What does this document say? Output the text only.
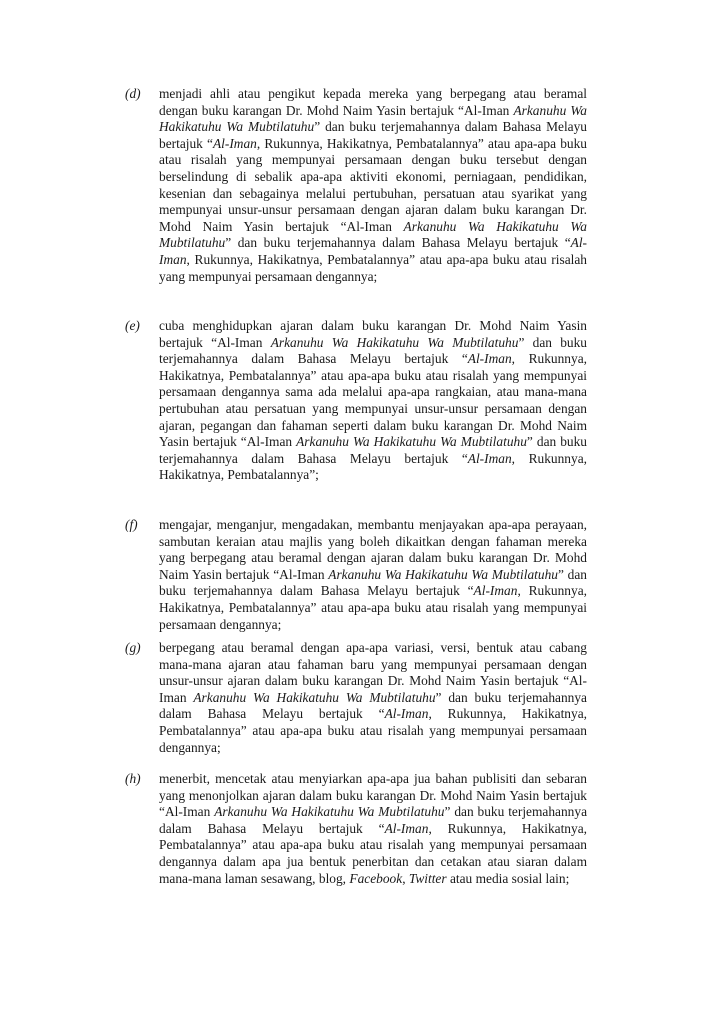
(d)	menjadi ahli atau pengikut kepada mereka yang berpegang atau beramal dengan buku karangan Dr. Mohd Naim Yasin bertajuk “Al-Iman Arkanuhu Wa Hakikatuhu Wa Mubtilatuhu” dan buku terjemahannya dalam Bahasa Melayu bertajuk “Al-Iman, Rukunnya, Hakikatnya, Pembatalannya” atau apa-apa buku atau risalah yang mempunyai persamaan dengan buku tersebut dengan berselindung di sebalik apa-apa aktiviti ekonomi, perniagaan, pendidikan, kesenian dan sebagainya melalui pertubuhan, persatuan atau syarikat yang mempunyai unsur-unsur persamaan dengan ajaran dalam buku karangan Dr. Mohd Naim Yasin bertajuk “Al-Iman Arkanuhu Wa Hakikatuhu Wa Mubtilatuhu” dan buku terjemahannya dalam Bahasa Melayu bertajuk “Al-Iman, Rukunnya, Hakikatnya, Pembatalannya” atau apa-apa buku atau risalah yang mempunyai persamaan dengannya;
(e)	cuba menghidupkan ajaran dalam buku karangan Dr. Mohd Naim Yasin bertajuk “Al-Iman Arkanuhu Wa Hakikatuhu Wa Mubtilatuhu” dan buku terjemahannya dalam Bahasa Melayu bertajuk “Al-Iman, Rukunnya, Hakikatnya, Pembatalannya” atau apa-apa buku atau risalah yang mempunyai persamaan dengannya sama ada melalui apa-apa rangkaian, atau mana-mana pertubuhan atau persatuan yang mempunyai unsur-unsur persamaan dengan ajaran, pegangan dan fahaman seperti dalam buku karangan Dr. Mohd Naim Yasin bertajuk “Al-Iman Arkanuhu Wa Hakikatuhu Wa Mubtilatuhu” dan buku terjemahannya dalam Bahasa Melayu bertajuk “Al-Iman, Rukunnya, Hakikatnya, Pembatalannya”;
(f)	mengajar, menganjur, mengadakan, membantu menjayakan apa-apa perayaan, sambutan keraian atau majlis yang boleh dikaitkan dengan fahaman mereka yang berpegang atau beramal dengan ajaran dalam buku karangan Dr. Mohd Naim Yasin bertajuk “Al-Iman Arkanuhu Wa Hakikatuhu Wa Mubtilatuhu” dan buku terjemahannya dalam Bahasa Melayu bertajuk “Al-Iman, Rukunnya, Hakikatnya, Pembatalannya” atau apa-apa buku atau risalah yang mempunyai persamaan dengannya;
(g)	berpegang atau beramal dengan apa-apa variasi, versi, bentuk atau cabang mana-mana ajaran atau fahaman baru yang mempunyai persamaan dengan unsur-unsur ajaran dalam buku karangan Dr. Mohd Naim Yasin bertajuk “Al-Iman Arkanuhu Wa Hakikatuhu Wa Mubtilatuhu” dan buku terjemahannya dalam Bahasa Melayu bertajuk “Al-Iman, Rukunnya, Hakikatnya, Pembatalannya” atau apa-apa buku atau risalah yang mempunyai persamaan dengannya;
(h)	menerbit, mencetak atau menyiarkan apa-apa jua bahan publisiti dan sebaran yang menonjolkan ajaran dalam buku karangan Dr. Mohd Naim Yasin bertajuk “Al-Iman Arkanuhu Wa Hakikatuhu Wa Mubtilatuhu” dan buku terjemahannya dalam Bahasa Melayu bertajuk “Al-Iman, Rukunnya, Hakikatnya, Pembatalannya” atau apa-apa buku atau risalah yang mempunyai persamaan dengannya dalam apa jua bentuk penerbitan dan cetakan atau siaran dalam mana-mana laman sesawang, blog, Facebook, Twitter atau media sosial lain;
